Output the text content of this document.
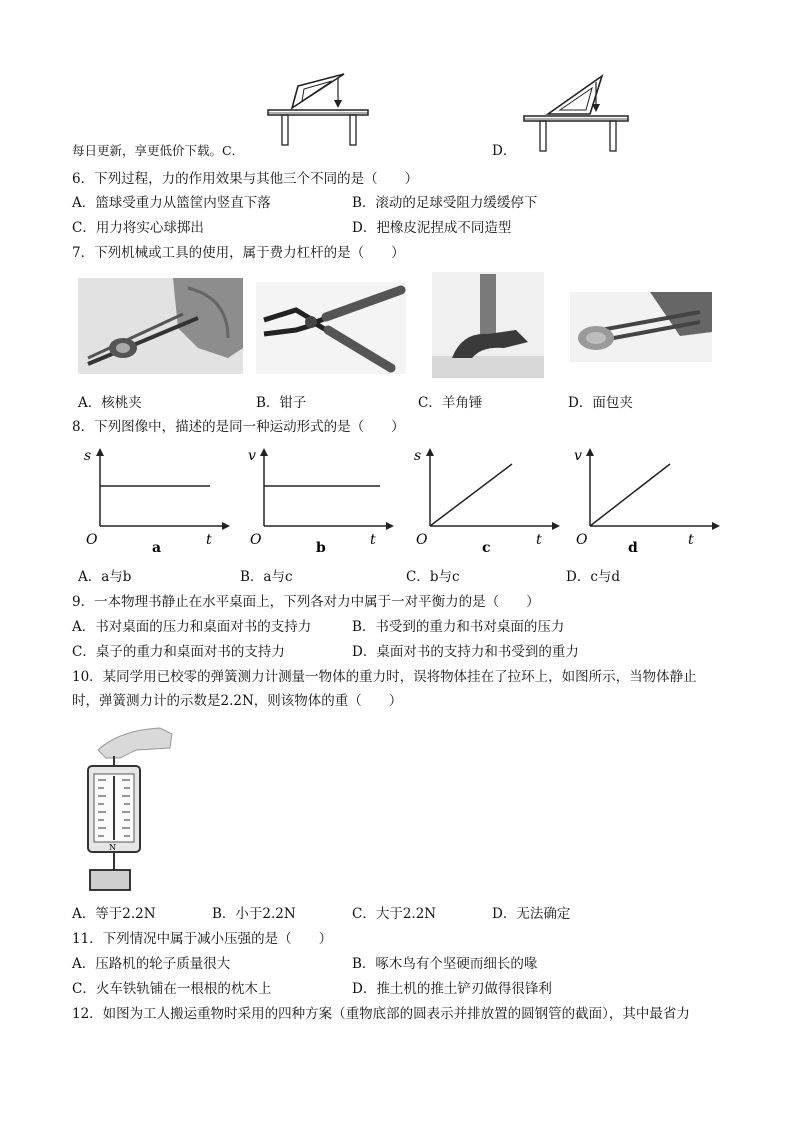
每日更新，享更低价下载。C．	D．
6．下列过程，力的作用效果与其他三个不同的是（　　）
A．篮球受重力从篮筐内竖直下落	B．滚动的足球受阻力缓缓停下
C．用力将实心球掷出	D．把橡皮泥捏成不同造型
7．下列机械或工具的使用，属于费力杠杆的是（　　）
A．核桃夹	B．钳子	C．羊角锤	D．面包夹
8．下列图像中，描述的是同一种运动形式的是（　　）
s
t
O	a
v
t
O	b
s
t
O	c
v
t
O	d
A．a与b	B．a与c	C．b与c	D．c与d
9．一本物理书静止在水平桌面上，下列各对力中属于一对平衡力的是（　　）
A．书对桌面的压力和桌面对书的支持力	B．书受到的重力和书对桌面的压力
C．桌子的重力和桌面对书的支持力	D．桌面对书的支持力和书受到的重力
10．某同学用已校零的弹簧测力计测量一物体的重力时，误将物体挂在了拉环上，如图所示，当物体静止
时，弹簧测力计的示数是2.2N，则该物体的重（　　）
N
A．等于2.2N	B．小于2.2N	C．大于2.2N	D．无法确定
11．下列情况中属于减小压强的是（　　）
A．压路机的轮子质量很大	B．啄木鸟有个坚硬而细长的喙
C．火车铁轨铺在一根根的枕木上	D．推土机的推土铲刃做得很锋利
12．如图为工人搬运重物时采用的四种方案（重物底部的圆表示并排放置的圆钢管的截面），其中最省力
